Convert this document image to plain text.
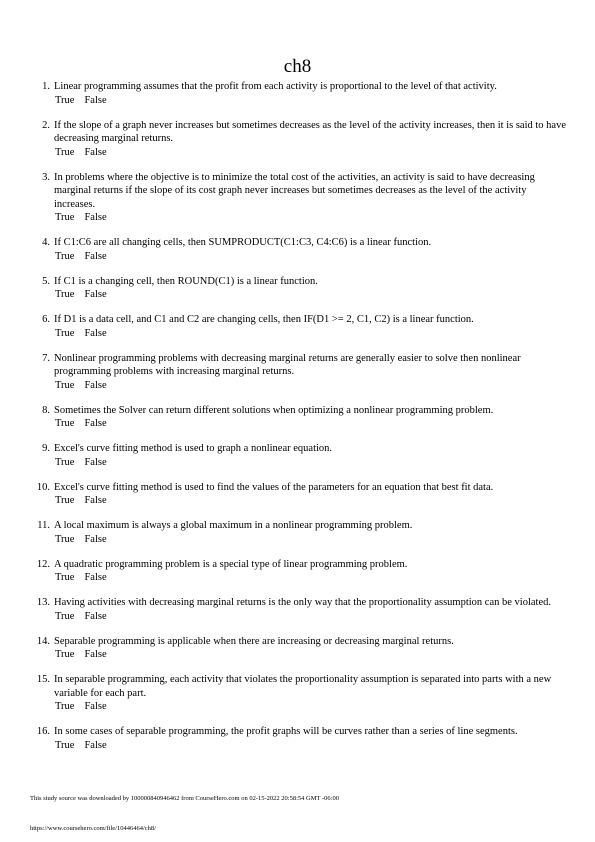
ch8
1. Linear programming assumes that the profit from each activity is proportional to the level of that activity.
True False
2. If the slope of a graph never increases but sometimes decreases as the level of the activity increases, then it is said to have decreasing marginal returns.
True False
3. In problems where the objective is to minimize the total cost of the activities, an activity is said to have decreasing marginal returns if the slope of its cost graph never increases but sometimes decreases as the level of the activity increases.
True False
4. If C1:C6 are all changing cells, then SUMPRODUCT(C1:C3, C4:C6) is a linear function.
True False
5. If C1 is a changing cell, then ROUND(C1) is a linear function.
True False
6. If D1 is a data cell, and C1 and C2 are changing cells, then IF(D1 >= 2, C1, C2) is a linear function.
True False
7. Nonlinear programming problems with decreasing marginal returns are generally easier to solve then nonlinear programming problems with increasing marginal returns.
True False
8. Sometimes the Solver can return different solutions when optimizing a nonlinear programming problem.
True False
9. Excel's curve fitting method is used to graph a nonlinear equation.
True False
10. Excel's curve fitting method is used to find the values of the parameters for an equation that best fit data.
True False
11. A local maximum is always a global maximum in a nonlinear programming problem.
True False
12. A quadratic programming problem is a special type of linear programming problem.
True False
13. Having activities with decreasing marginal returns is the only way that the proportionality assumption can be violated.
True False
14. Separable programming is applicable when there are increasing or decreasing marginal returns.
True False
15. In separable programming, each activity that violates the proportionality assumption is separated into parts with a new variable for each part.
True False
16. In some cases of separable programming, the profit graphs will be curves rather than a series of line segments.
True False
This study source was downloaded by 100000840946462 from CourseHero.com on 02-15-2022 20:58:54 GMT -06:00
https://www.coursehero.com/file/10446464/ch8/
